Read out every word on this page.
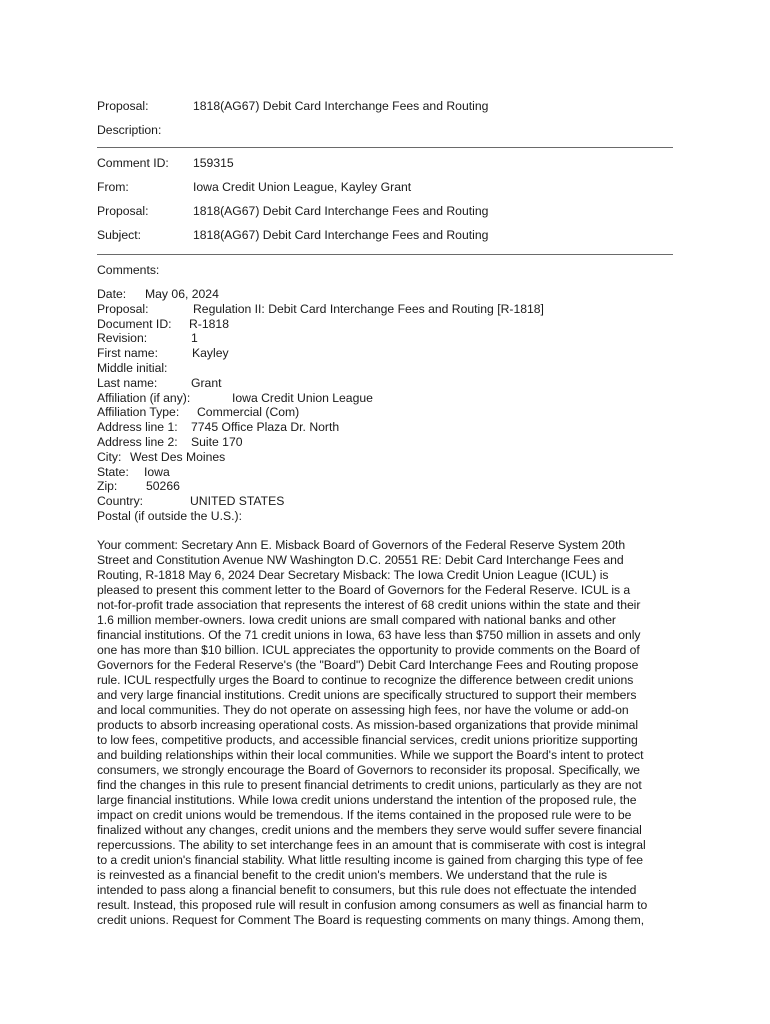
Proposal:	1818(AG67) Debit Card Interchange Fees and Routing
Description:
Comment ID:	159315
From:	Iowa Credit Union League, Kayley Grant
Proposal:	1818(AG67) Debit Card Interchange Fees and Routing
Subject:	1818(AG67) Debit Card Interchange Fees and Routing
Comments:
Date:	May 06, 2024
Proposal:	Regulation II: Debit Card Interchange Fees and Routing [R-1818]
Document ID:	R-1818
Revision:	1
First name:	Kayley
Middle initial:
Last name:	Grant
Affiliation (if any):	Iowa Credit Union League
Affiliation Type:	Commercial (Com)
Address line 1:	7745 Office Plaza Dr. North
Address line 2:	Suite 170
City: West Des Moines
State:	Iowa
Zip:	50266
Country:	UNITED STATES
Postal (if outside the U.S.):
Your comment: Secretary Ann E. Misback Board of Governors of the Federal Reserve System 20th
Street and Constitution Avenue NW Washington D.C. 20551 RE: Debit Card Interchange Fees and
Routing, R-1818 May 6, 2024 Dear Secretary Misback: The Iowa Credit Union League (ICUL) is
pleased to present this comment letter to the Board of Governors for the Federal Reserve. ICUL is a
not-for-profit trade association that represents the interest of 68 credit unions within the state and their
1.6 million member-owners. Iowa credit unions are small compared with national banks and other
financial institutions. Of the 71 credit unions in Iowa, 63 have less than $750 million in assets and only
one has more than $10 billion. ICUL appreciates the opportunity to provide comments on the Board of
Governors for the Federal Reserve's (the "Board") Debit Card Interchange Fees and Routing propose
rule. ICUL respectfully urges the Board to continue to recognize the difference between credit unions
and very large financial institutions. Credit unions are specifically structured to support their members
and local communities. They do not operate on assessing high fees, nor have the volume or add-on
products to absorb increasing operational costs. As mission-based organizations that provide minimal
to low fees, competitive products, and accessible financial services, credit unions prioritize supporting
and building relationships within their local communities. While we support the Board's intent to protect
consumers, we strongly encourage the Board of Governors to reconsider its proposal. Specifically, we
find the changes in this rule to present financial detriments to credit unions, particularly as they are not
large financial institutions. While Iowa credit unions understand the intention of the proposed rule, the
impact on credit unions would be tremendous. If the items contained in the proposed rule were to be
finalized without any changes, credit unions and the members they serve would suffer severe financial
repercussions. The ability to set interchange fees in an amount that is commiserate with cost is integral
to a credit union's financial stability. What little resulting income is gained from charging this type of fee
is reinvested as a financial benefit to the credit union's members. We understand that the rule is
intended to pass along a financial benefit to consumers, but this rule does not effectuate the intended
result. Instead, this proposed rule will result in confusion among consumers as well as financial harm to
credit unions. Request for Comment The Board is requesting comments on many things. Among them,
